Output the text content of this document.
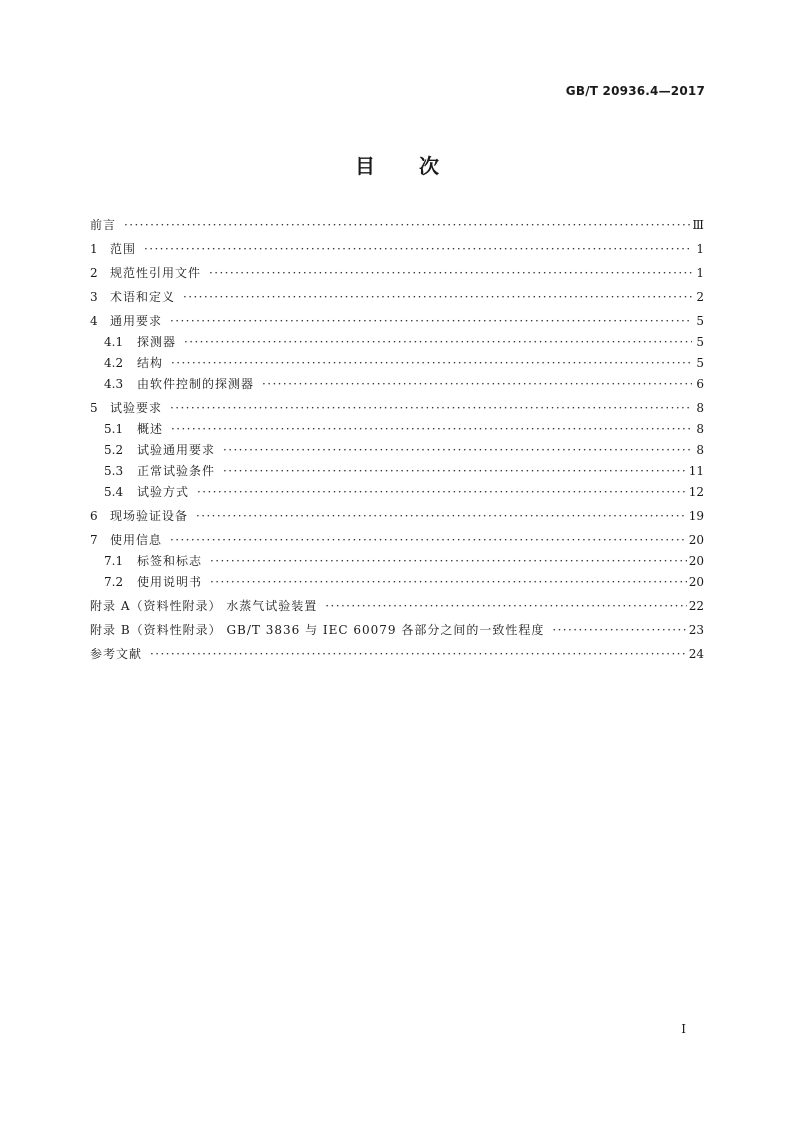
GB/T 20936.4—2017
目次
前言 ·····	Ⅲ
1	范围 ·····	1
2	规范性引用文件 ·····	1
3	术语和定义 ·····	2
4	通用要求 ·····	5
4.1	探测器 ·····	5
4.2	结构 ·····	5
4.3	由软件控制的探测器 ·····	6
5	试验要求 ·····	8
5.1	概述 ·····	8
5.2	试验通用要求 ·····	8
5.3	正常试验条件 ·····	11
5.4	试验方式 ·····	12
6	现场验证设备 ·····	19
7	使用信息 ·····	20
7.1	标签和标志 ·····	20
7.2	使用说明书 ·····	20
附录 A（资料性附录） 水蒸气试验装置 ·····	22
附录 B（资料性附录） GB/T 3836 与 IEC 60079 各部分之间的一致性程度 ·····	23
参考文献 ·····	24
I
